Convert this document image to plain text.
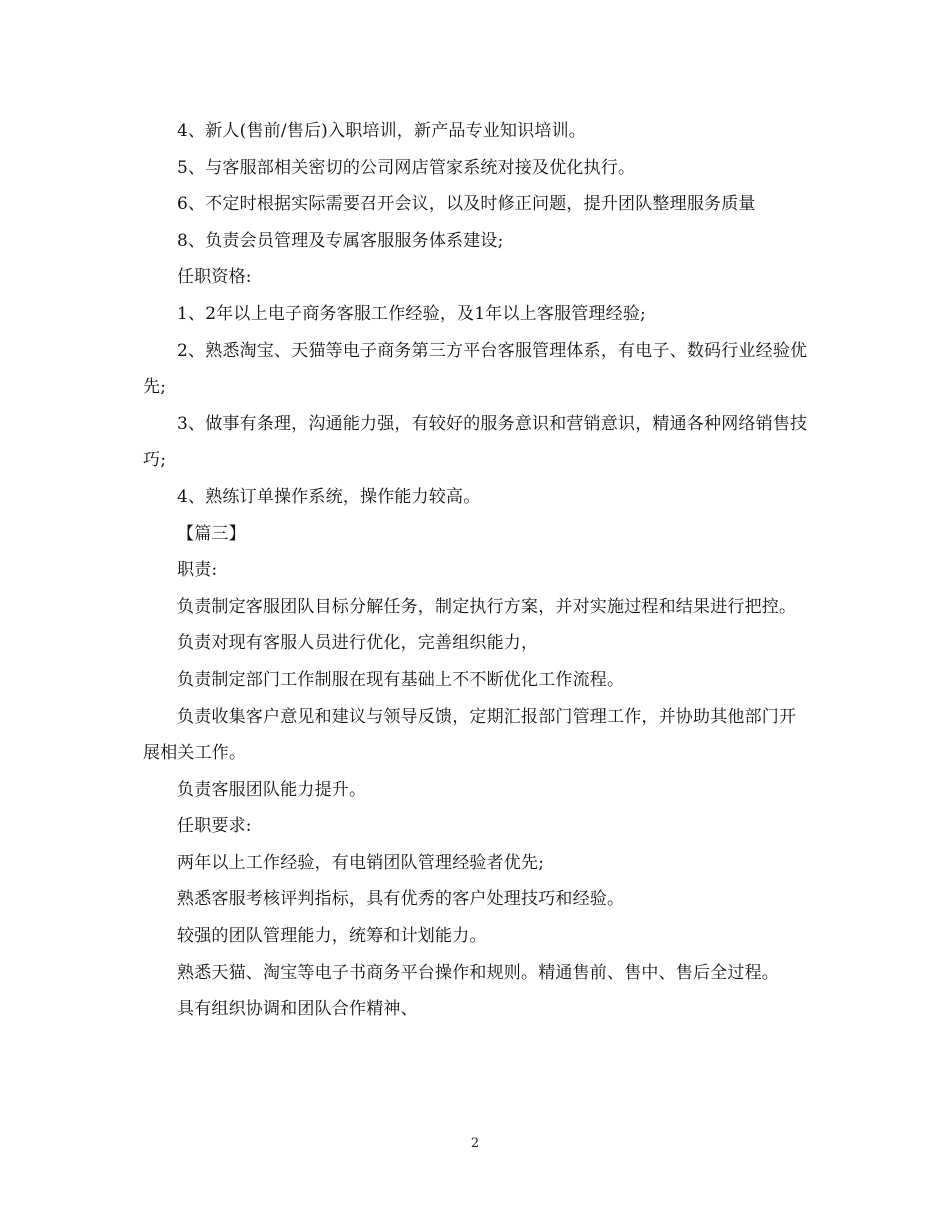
4、新人(售前/售后)入职培训，新产品专业知识培训。

5、与客服部相关密切的公司网店管家系统对接及优化执行。

6、不定时根据实际需要召开会议，以及时修正问题，提升团队整理服务质量

8、负责会员管理及专属客服服务体系建设;

任职资格:

1、2年以上电子商务客服工作经验，及1年以上客服管理经验;

2、熟悉淘宝、天猫等电子商务第三方平台客服管理体系，有电子、数码行业经验优先;

3、做事有条理，沟通能力强，有较好的服务意识和营销意识，精通各种网络销售技巧;

4、熟练订单操作系统，操作能力较高。

【篇三】

职责:

负责制定客服团队目标分解任务，制定执行方案，并对实施过程和结果进行把控。

负责对现有客服人员进行优化，完善组织能力，

负责制定部门工作制服在现有基础上不不断优化工作流程。

负责收集客户意见和建议与领导反馈，定期汇报部门管理工作，并协助其他部门开展相关工作。

负责客服团队能力提升。

任职要求:

两年以上工作经验，有电销团队管理经验者优先;

熟悉客服考核评判指标，具有优秀的客户处理技巧和经验。

较强的团队管理能力，统筹和计划能力。

熟悉天猫、淘宝等电子书商务平台操作和规则。精通售前、售中、售后全过程。

具有组织协调和团队合作精神、

2
